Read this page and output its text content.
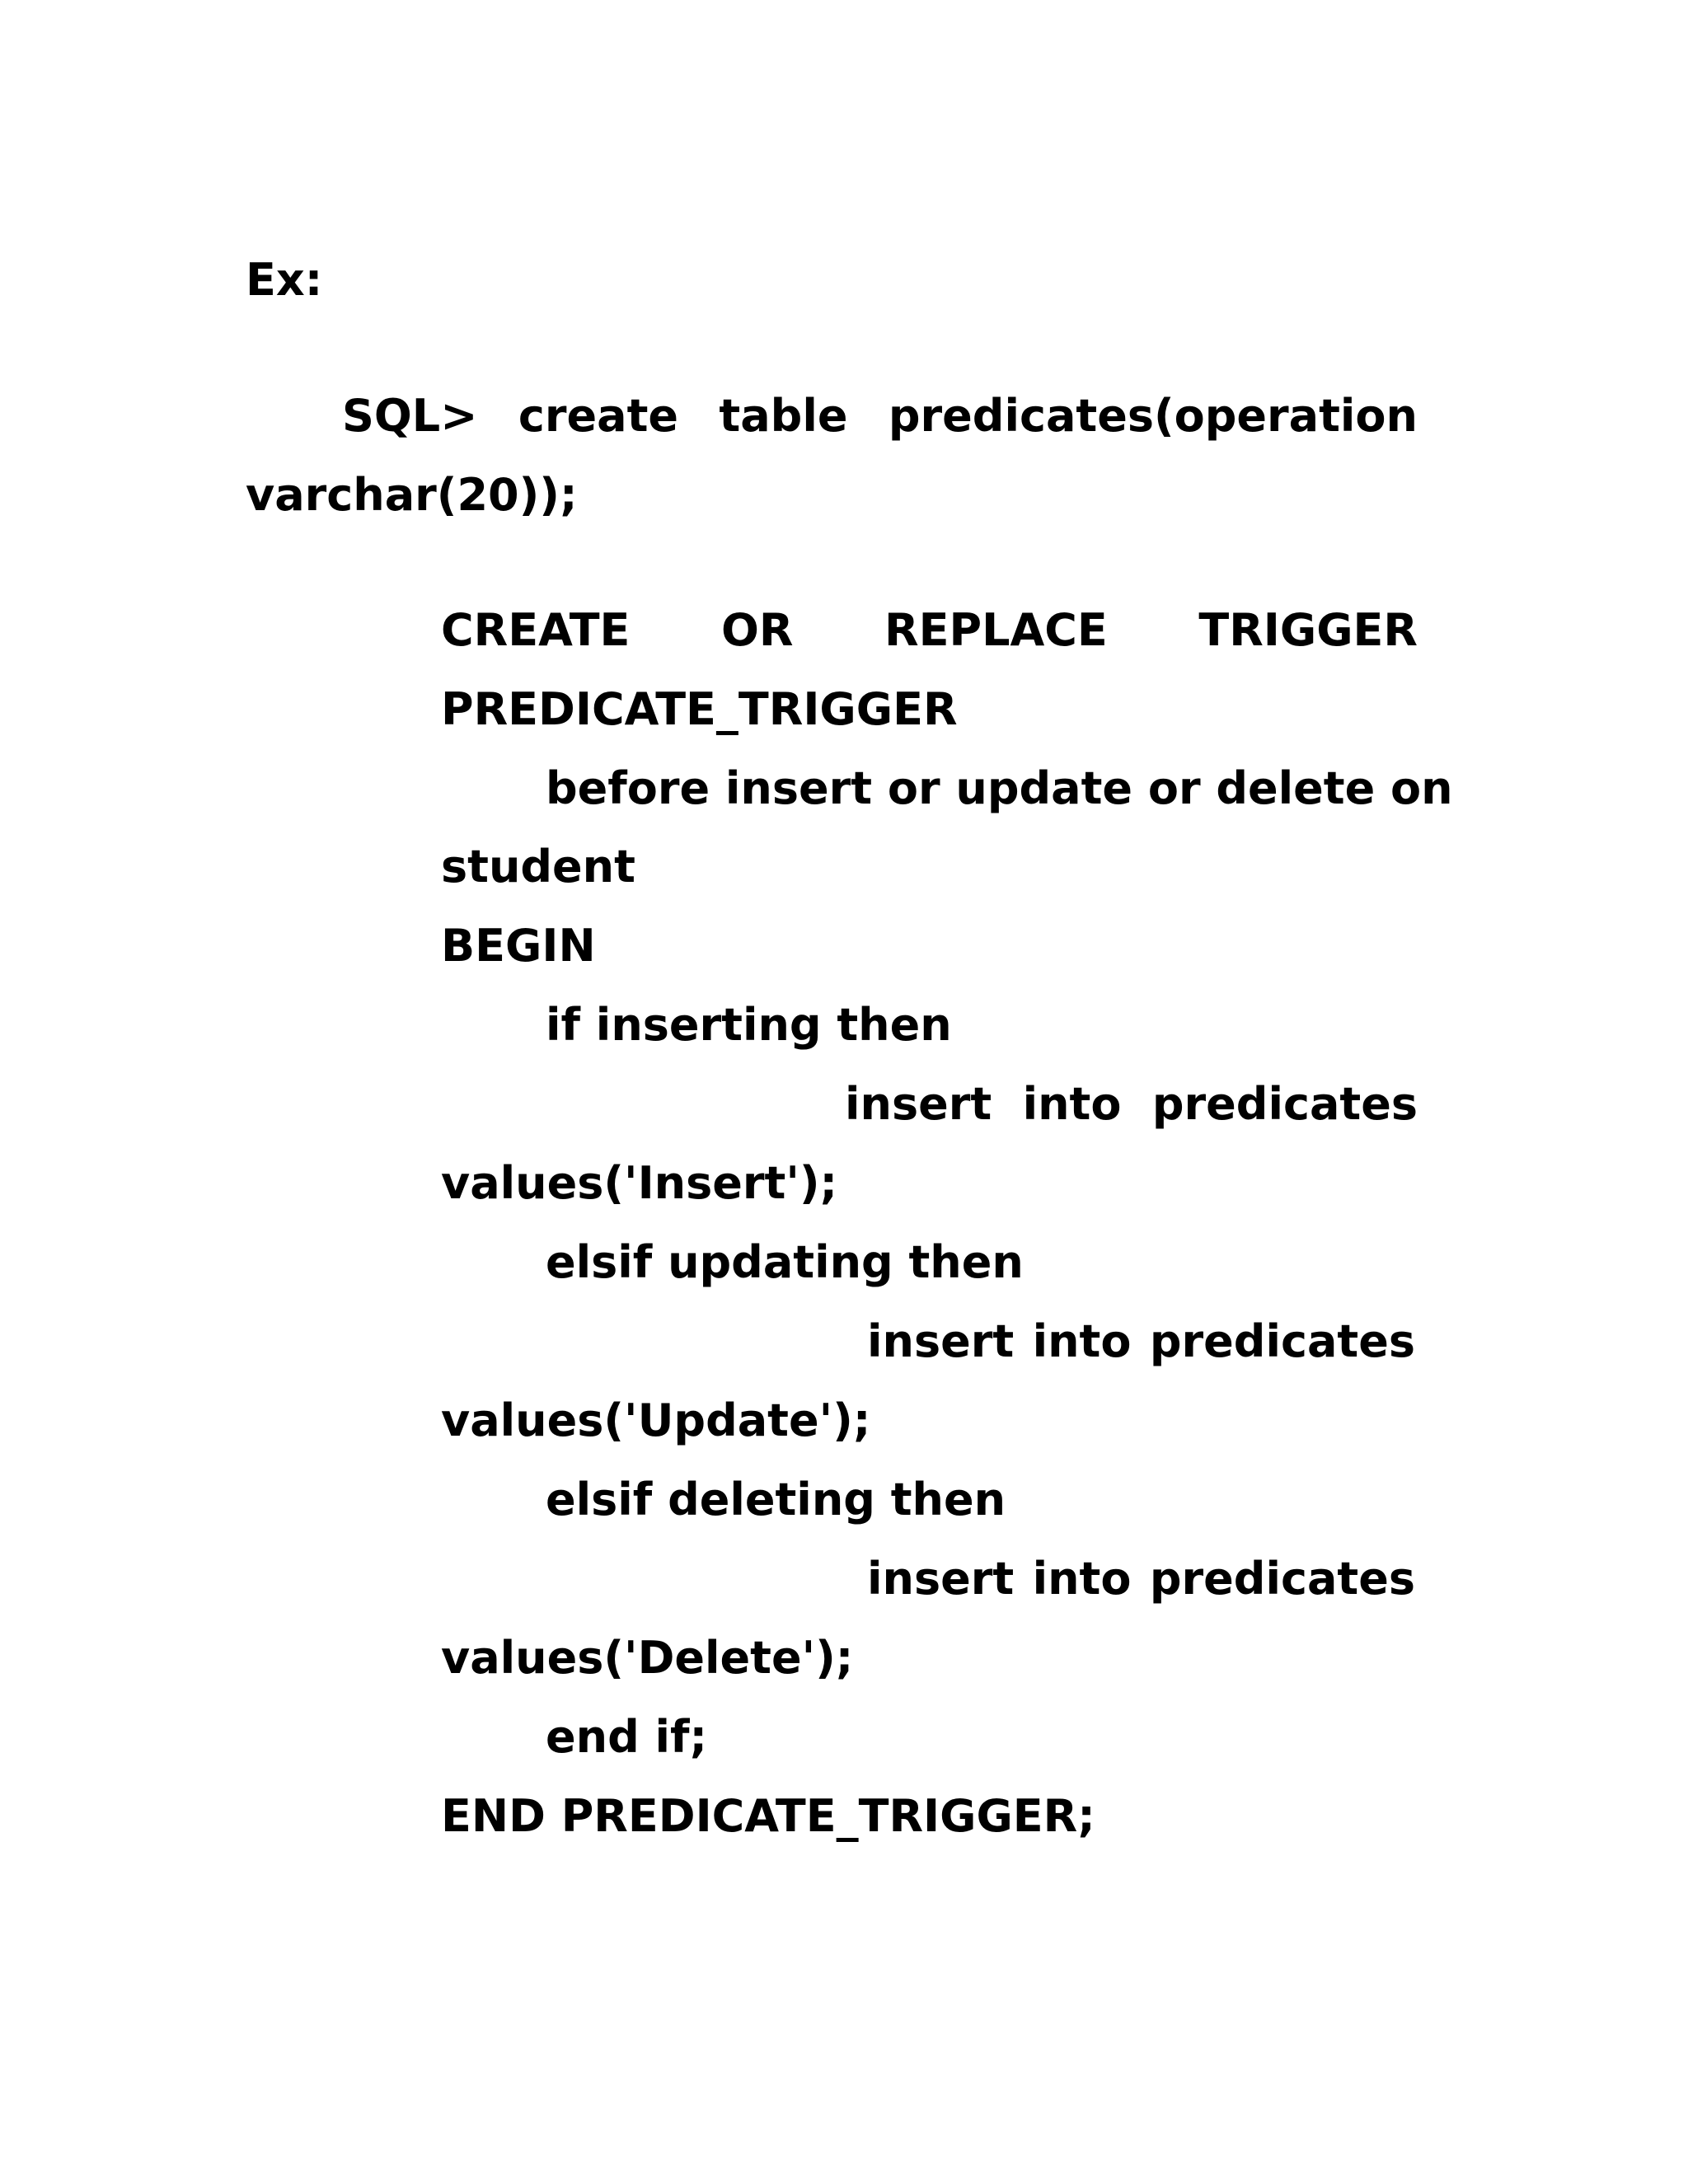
Ex:
SQL> create table predicates(operation
varchar(20));
CREATE OR REPLACE TRIGGER
PREDICATE_TRIGGER
before insert or update or delete on
student
BEGIN
if inserting then
insert into predicates
values('Insert');
elsif updating then
insert into predicates
values('Update');
elsif deleting then
insert into predicates
values('Delete');
end if;
END PREDICATE_TRIGGER;
